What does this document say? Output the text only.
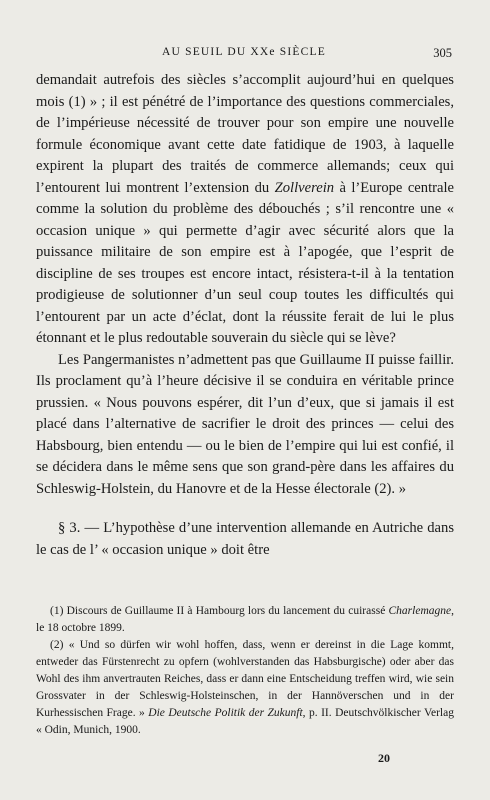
AU SEUIL DU XXe SIÈCLE	305

demandait autrefois des siècles s’accomplit aujourd’hui en quelques mois (1) » ; il est pénétré de l’importance des questions commerciales, de l’impérieuse nécessité de trouver pour son empire une nouvelle formule économique avant cette date fatidique de 1903, à laquelle expirent la plupart des traités de commerce allemands; ceux qui l’entourent lui montrent l’extension du Zollverein à l’Europe centrale comme la solution du problème des débouchés ; s’il rencontre une « occasion unique » qui permette d’agir avec sécurité alors que la puissance militaire de son empire est à l’apogée, que l’esprit de discipline de ses troupes est encore intact, résistera-t-il à la tentation prodigieuse de solutionner d’un seul coup toutes les difficultés qui l’entourent par un acte d’éclat, dont la réussite ferait de lui le plus étonnant et le plus redoutable souverain du siècle qui se lève?

Les Pangermanistes n’admettent pas que Guillaume II puisse faillir. Ils proclament qu’à l’heure décisive il se conduira en véritable prince prussien. « Nous pouvons espérer, dit l’un d’eux, que si jamais il est placé dans l’alternative de sacrifier le droit des princes — celui des Habsbourg, bien entendu — ou le bien de l’empire qui lui est confié, il se décidera dans le même sens que son grand-père dans les affaires du Schleswig-Holstein, du Hanovre et de la Hesse électorale (2). »

§ 3. — L’hypothèse d’une intervention allemande en Autriche dans le cas de l’ « occasion unique » doit être

(1) Discours de Guillaume II à Hambourg lors du lancement du cuirassé Charlemagne, le 18 octobre 1899.

(2) « Und so dürfen wir wohl hoffen, dass, wenn er dereinst in die Lage kommt, entweder das Fürstenrecht zu opfern (wohlverstanden das Habsburgische) oder aber das Wohl des ihm anvertrauten Reiches, dass er dann eine Entscheidung treffen wird, wie sein Grossvater in der Schleswig-Holsteinschen, in der Hannöverschen und in der Kurhessischen Frage. » Die Deutsche Politik der Zukunft, p. II. Deutschvölkischer Verlag « Odin, Munich, 1900.

20
